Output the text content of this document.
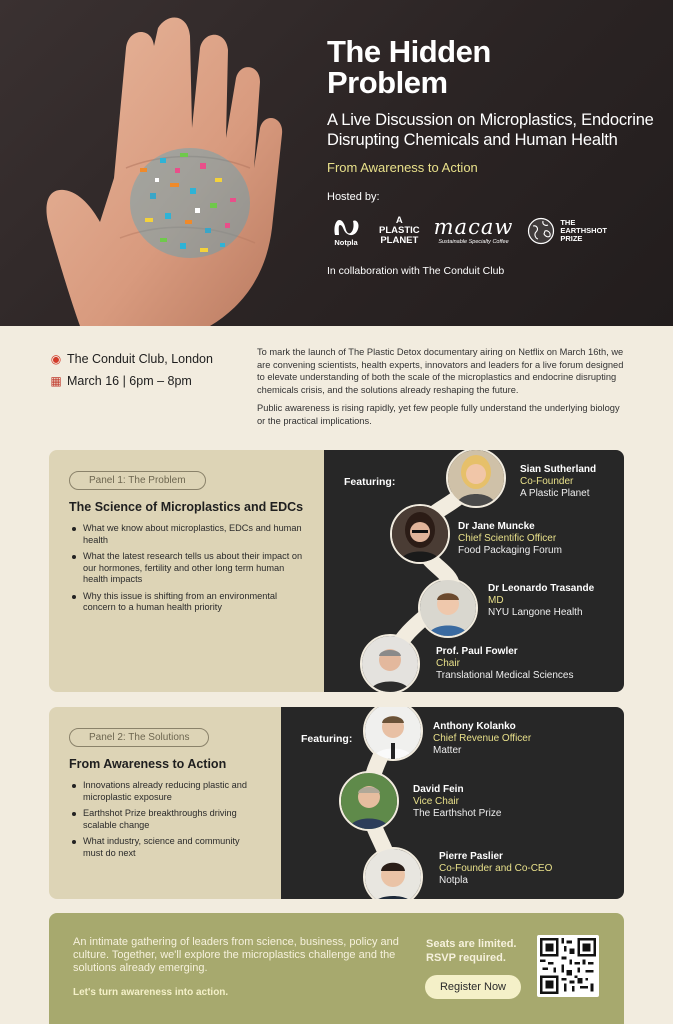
The Hidden
Problem
A Live Discussion on Microplastics, Endocrine Disrupting Chemicals and Human Health
From Awareness to Action
Hosted by:
Notpla
A
PLASTIC
PLANET
macaw
Sustainable Specialty Coffee
THE
EARTHSHOT
PRIZE
In collaboration with The Conduit Club
◉ The Conduit Club, London
▦ March 16 | 6pm – 8pm

To mark the launch of The Plastic Detox documentary airing on Netflix on March 16th, we are convening scientists, health experts, innovators and leaders for a live forum designed to elevate understanding of both the scale of the microplastics and endocrine disrupting chemicals crisis, and the solutions already reshaping the future.

Public awareness is rising rapidly, yet few people fully understand the underlying biology or the practical implications.

Panel 1: The Problem
The Science of Microplastics and EDCs
What we know about microplastics, EDCs and human health
What the latest research tells us about their impact on our hormones, fertility and other long term human health impacts
Why this issue is shifting from an environmental concern to a human health priority
Featuring:
Sian Sutherland
Co-Founder
A Plastic Planet
Dr Jane Muncke
Chief Scientific Officer
Food Packaging Forum
Dr Leonardo Trasande
MD
NYU Langone Health
Prof. Paul Fowler
Chair
Translational Medical Sciences
Panel 2: The Solutions
From Awareness to Action
Innovations already reducing plastic and microplastic exposure
Earthshot Prize breakthroughs driving scalable change
What industry, science and community must do next
Featuring:
Anthony Kolanko
Chief Revenue Officer
Matter
David Fein
Vice Chair
The Earthshot Prize
Pierre Paslier
Co-Founder and Co-CEO
Notpla
An intimate gathering of leaders from science, business, policy and culture. Together, we'll explore the microplastics challenge and the solutions already emerging.
Let's turn awareness into action.
Seats are limited.
RSVP required.
Register Now
